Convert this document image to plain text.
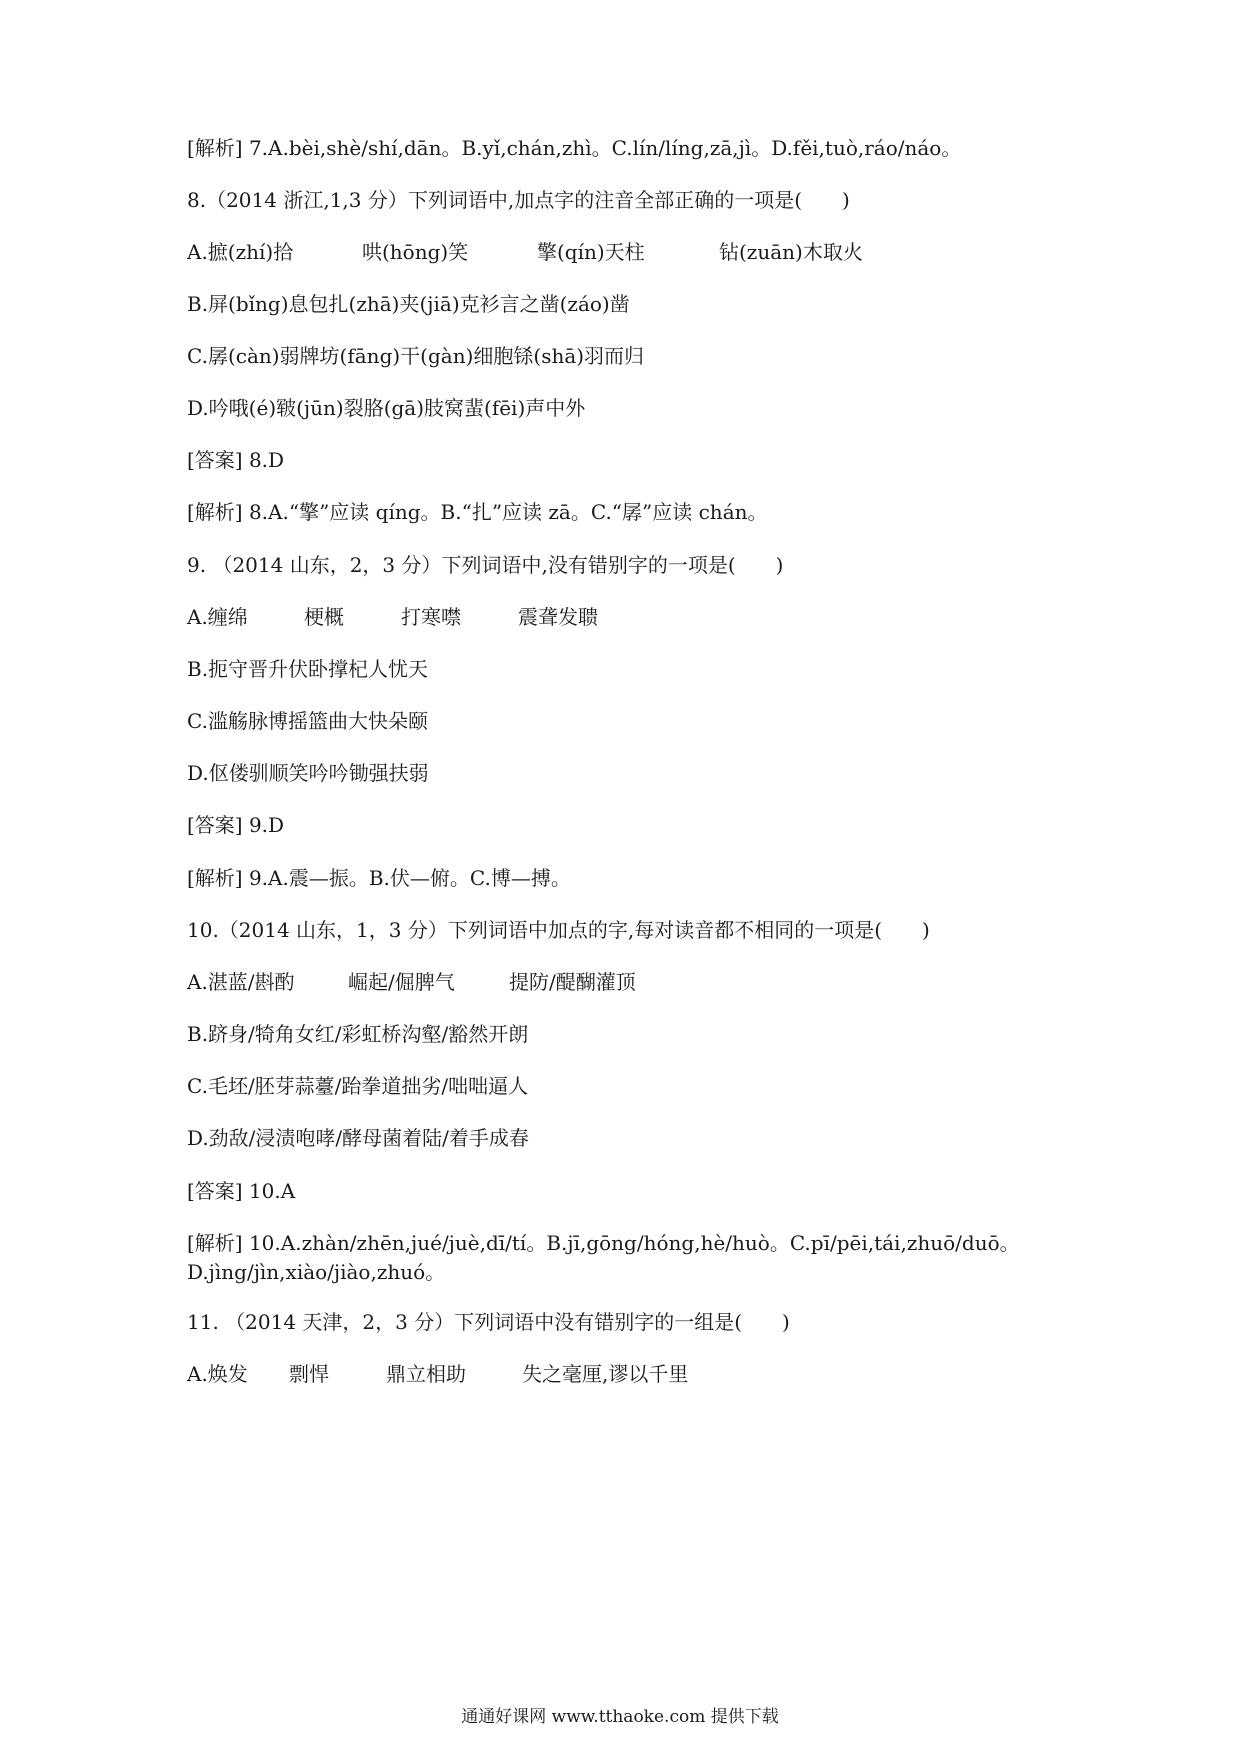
[解析] 7.A.bèi,shè/shí,dān。B.yǐ,chán,zhì。C.lín/líng,zā,jì。D.fěi,tuò,ráo/náo。
8.（2014 浙江,1,3 分）下列词语中,加点字的注音全部正确的一项是(　　)
A.摭(zhí)拾	哄(hōng)笑	擎(qín)天柱	钻(zuān)木取火
B.屏(bǐng)息包扎(zhā)夹(jiā)克衫言之凿(záo)凿
C.孱(càn)弱牌坊(fāng)干(gàn)细胞铩(shā)羽而归
D.吟哦(é)皲(jūn)裂胳(gā)肢窝蜚(fēi)声中外
[答案] 8.D
[解析] 8.A.“擎”应读 qíng。B.“扎”应读 zā。C.“孱”应读 chán。
9. （2014 山东，2，3 分）下列词语中,没有错别字的一项是(　　)
A.缠绵	梗概	打寒噤	震聋发聩
B.扼守晋升伏卧撑杞人忧天
C.滥觞脉博摇篮曲大快朵颐
D.伛偻驯顺笑吟吟锄强扶弱
[答案] 9.D
[解析] 9.A.震—振。B.伏—俯。C.博—搏。
10.（2014 山东，1，3 分）下列词语中加点的字,每对读音都不相同的一项是(　　)
A.湛蓝/斟酌	崛起/倔脾气	提防/醍醐灌顶
B.跻身/犄角女红/彩虹桥沟壑/豁然开朗
C.毛坯/胚芽蒜薹/跆拳道拙劣/咄咄逼人
D.劲敌/浸渍咆哮/酵母菌着陆/着手成春
[答案] 10.A
[解析] 10.A.zhàn/zhēn,jué/juè,dī/tí。B.jī,gōng/hóng,hè/huò。C.pī/pēi,tái,zhuō/duō。
D.jìng/jìn,xiào/jiào,zhuó。
11. （2014 天津，2，3 分）下列词语中没有错别字的一组是(　　)
A.焕发	剽悍	鼎立相助	失之毫厘,谬以千里
通通好课网 www.tthaoke.com 提供下载
